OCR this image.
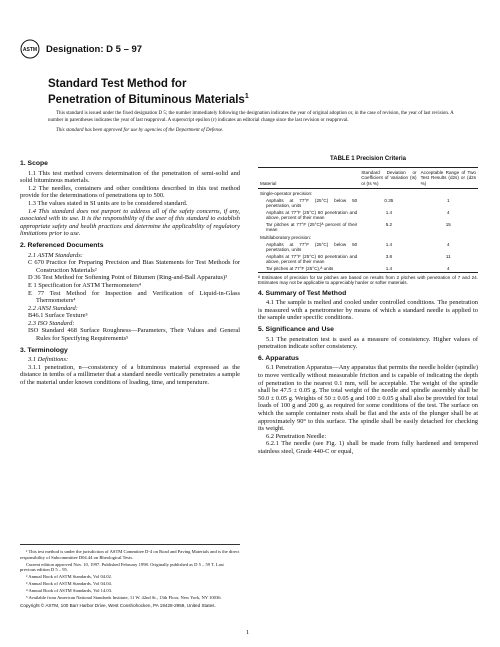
ASTM Designation: D 5 – 97
Standard Test Method for
Penetration of Bituminous Materials$^1$

This standard is issued under the fixed designation D 5; the number immediately following the designation indicates the year of original adoption or, in the case of revision, the year of last revision. A number in parentheses indicates the year of last reapproval. A superscript epsilon (ε) indicates an editorial change since the last revision or reapproval.

This standard has been approved for use by agencies of the Department of Defense.

1. Scope

1.1 This test method covers determination of the penetration of semi-solid and solid bituminous materials.

1.2 The needles, containers and other conditions described in this test method provide for the determinations of penetrations up to 500.

1.3 The values stated in SI units are to be considered standard.

1.4 This standard does not purport to address all of the safety concerns, if any, associated with its use. It is the responsibility of the user of this standard to establish appropriate safety and health practices and determine the applicability of regulatory limitations prior to use.

2. Referenced Documents

2.1 ASTM Standards:

C 670 Practice for Preparing Precision and Bias Statements for Test Methods for Construction Materials²

D 36 Test Method for Softening Point of Bitumen (Ring-and-Ball Apparatus)³

E 1 Specification for ASTM Thermometers⁴

E 77 Test Method for Inspection and Verification of Liquid-in-Glass Thermometers⁴

2.2 ANSI Standard:

B46.1 Surface Texture⁵

2.3 ISO Standard:

ISO Standard 468 Surface Roughness—Parameters, Their Values and General Rules for Specifying Requirements⁵

3. Terminology

3.1 Definitions:

3.1.1 penetration, n—consistency of a bituminous material expressed as the distance in tenths of a millimeter that a standard needle vertically penetrates a sample of the material under known conditions of loading, time, and temperature.

¹ This test method is under the jurisdiction of ASTM Committee D-4 on Road and Paving Materials and is the direct responsibility of Subcommittee D04.44 on Rheological Tests.

Current edition approved Nov. 10, 1997. Published February 1998. Originally published as D 5 – 59 T. Last previous edition D 5 – 95.

² Annual Book of ASTM Standards, Vol 04.02.

³ Annual Book of ASTM Standards, Vol 04.04.

⁴ Annual Book of ASTM Standards, Vol 14.03.

⁵ Available from American National Standards Institute, 11 W. 42nd St., 13th Floor, New York, NY 10036.

TABLE 1 Precision Criteria
Material	Standard Deviation or Coefficient of Variation (Is) or (Is %)	Acceptable Range of Two Test Results (d2s) or (d2s %)
Single-operator precision:		
Asphalts at 77°F (25°C) below 50 penetration, units	0.35	1
Asphalts at 77°F (25°C) 60 penetration and above, percent of their mean	1.4	4
Tar pitches at 77°F (25°C)ᴬ percent of their mean	5.2	15
Multilaboratory precision:		
Asphalts at 77°F (25°C) below 50 penetration, units	1.4	4
Asphalts at 77°F (25°C) 60 penetration and above, percent of their mean	3.8	11
Tar pitches at 77°F (25°C),ᴬ units	1.4	4
ᴬ Estimates of precision for tar pitches are based on results from 2 pitches with penetration of 7 and 24. Estimates may not be applicable to appreciably harder or softer materials.
4. Summary of Test Method

4.1 The sample is melted and cooled under controlled conditions. The penetration is measured with a penetrometer by means of which a standard needle is applied to the sample under specific conditions.

5. Significance and Use

5.1 The penetration test is used as a measure of consistency. Higher values of penetration indicate softer consistency.

6. Apparatus

6.1 Penetration Apparatus—Any apparatus that permits the needle holder (spindle) to move vertically without measurable friction and is capable of indicating the depth of penetration to the nearest 0.1 mm, will be acceptable. The weight of the spindle shall be 47.5 ± 0.05 g. The total weight of the needle and spindle assembly shall be 50.0 ± 0.05 g. Weights of 50 ± 0.05 g and 100 ± 0.05 g shall also be provided for total loads of 100 g and 200 g, as required for some conditions of the test. The surface on which the sample container rests shall be flat and the axis of the plunger shall be at approximately 90° to this surface. The spindle shall be easily detached for checking its weight.

6.2 Penetration Needle:

6.2.1 The needle (see Fig. 1) shall be made from fully hardened and tempered stainless steel, Grade 440-C or equal,

Copyright © ASTM, 100 Barr Harbor Drive, West Conshohocken, PA 19428-2959, United States.
1
